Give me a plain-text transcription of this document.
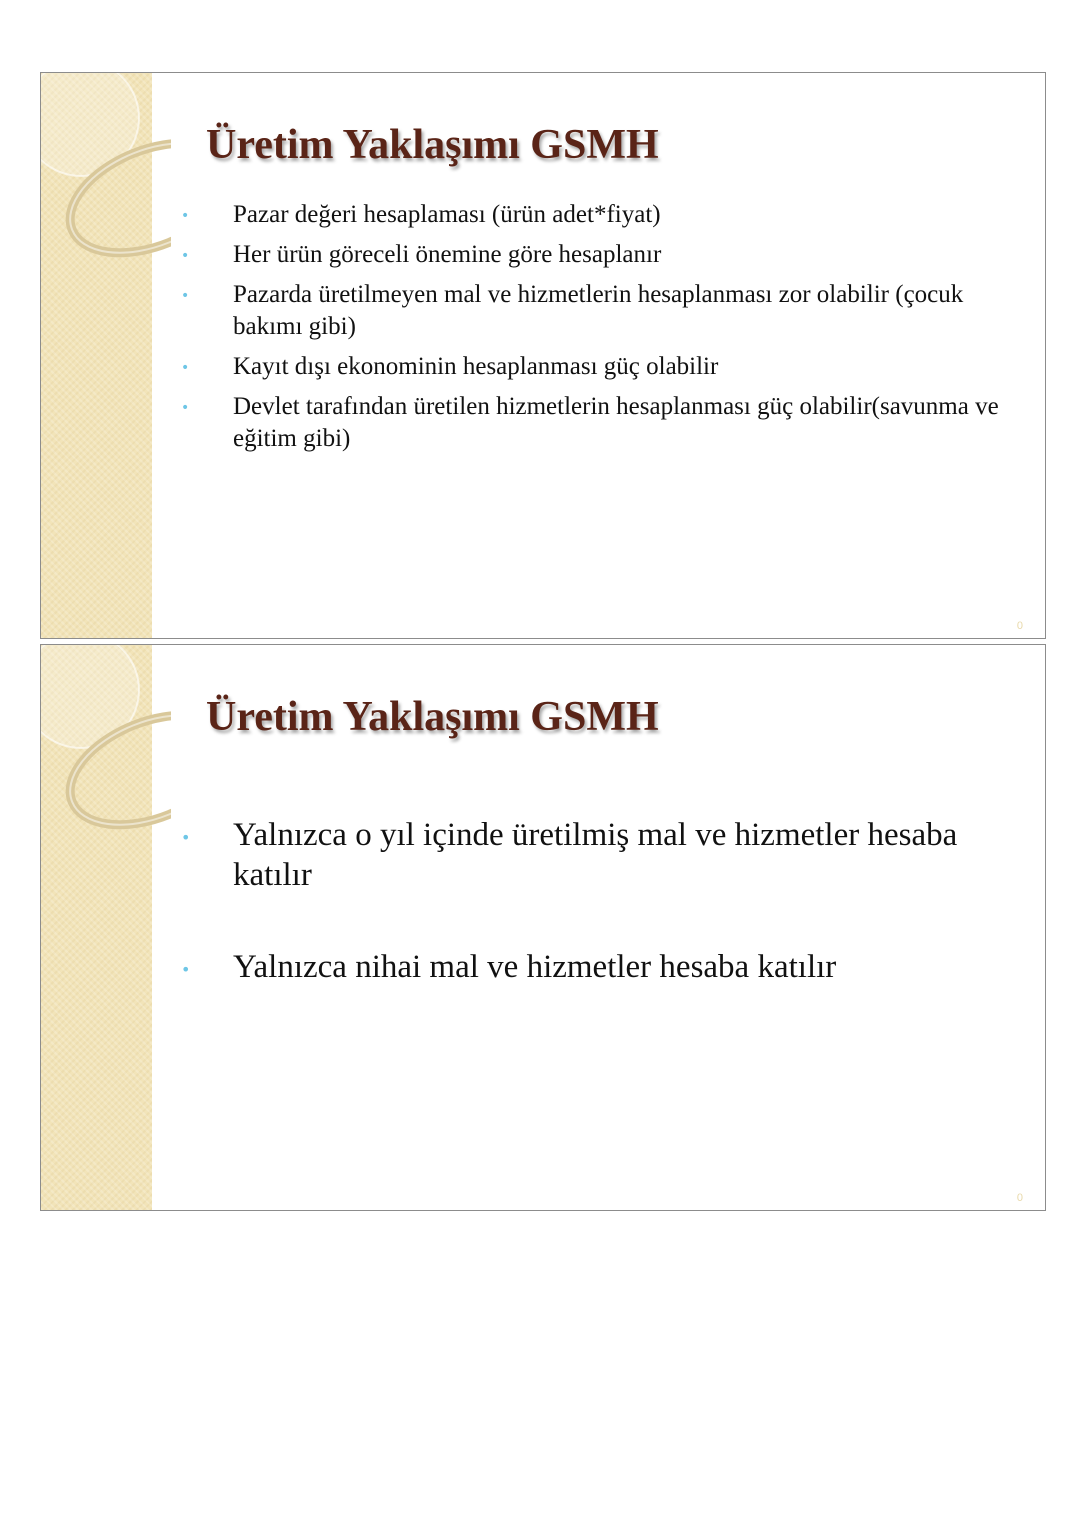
Üretim Yaklaşımı GSMH
• Pazar değeri hesaplaması (ürün adet*fiyat)
• Her ürün göreceli önemine göre hesaplanır
• Pazarda üretilmeyen mal ve hizmetlerin hesaplanması zor olabilir (çocuk bakımı gibi)
• Kayıt dışı ekonominin hesaplanması güç olabilir
• Devlet tarafından üretilen hizmetlerin hesaplanması güç olabilir(savunma ve eğitim gibi)
0
Üretim Yaklaşımı GSMH
• Yalnızca o yıl içinde üretilmiş mal ve hizmetler hesaba katılır
• Yalnızca nihai mal ve hizmetler hesaba katılır
0
